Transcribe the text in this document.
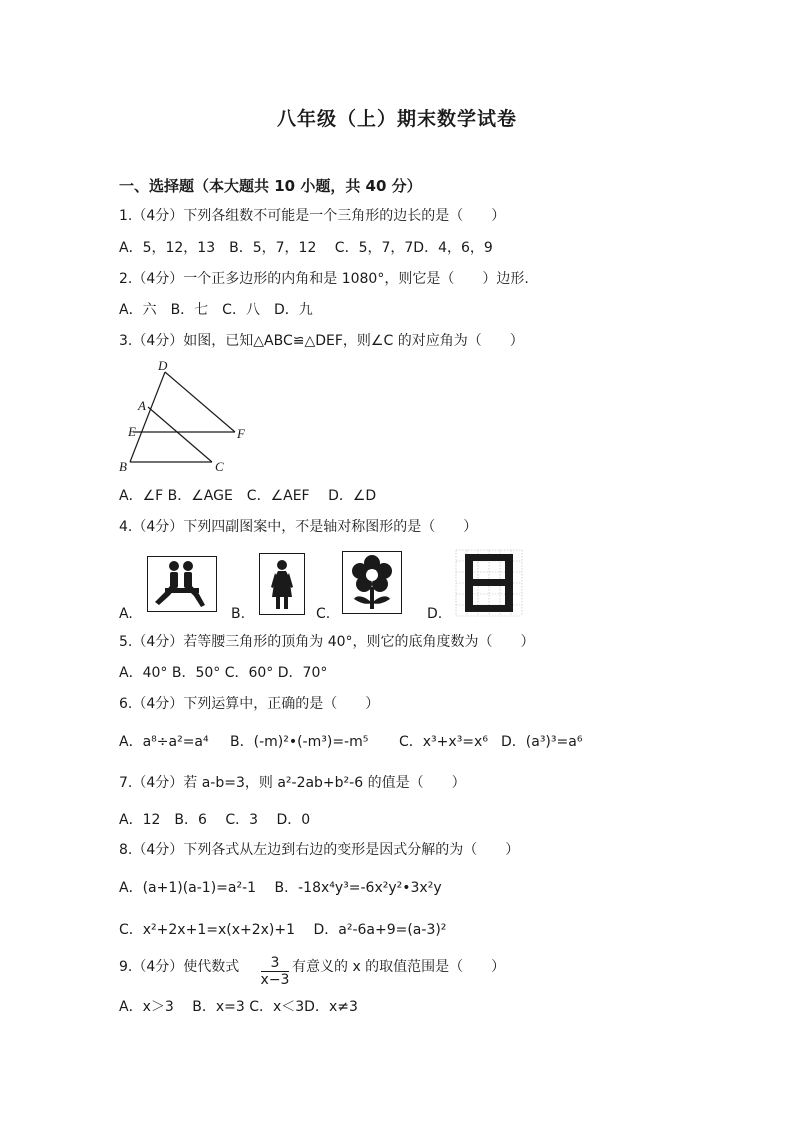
八年级（上）期末数学试卷
一、选择题（本大题共 10 小题，共 40 分）
1.（4分）下列各组数不可能是一个三角形的边长的是（　　）
A．5，12，13　B．5，7，12　 C．5，7，7D．4，6，9
2.（4分）一个正多边形的内角和是 1080°，则它是（　　）边形.
A．六　B．七　C．八　D．九
3.（4分）如图，已知△ABC≌△DEF，则∠C 的对应角为（　　）
D
A
E	F
B	C
A．∠F B．∠AGE　C．∠AEF　 D．∠D
4.（4分）下列四副图案中，不是轴对称图形的是（　　）
A.	B.	C.	D.
5.（4分）若等腰三角形的顶角为 40°，则它的底角度数为（　　）
A．40° B．50° C．60° D．70°
6.（4分）下列运算中，正确的是（　　）
A．a⁸÷a²=a⁴ B．(-m)²•(-m³)=-m⁵ C．x³+x³=x⁶ D．(a³)³=a⁶
7.（4分）若 a-b=3，则 a²-2ab+b²-6 的值是（　　）
A．12　B．6　 C．3　 D．0
8.（4分）下列各式从左边到右边的变形是因式分解的为（　　）
A．(a+1)(a-1)=a²-1　 B．-18x⁴y³=-6x²y²•3x²y
C．x²+2x+1=x(x+2x)+1　 D．a²-6a+9=(a-3)²
9.（4分）使代数式	3
x−3
有意义的 x 的取值范围是（　　）
A．x＞3　 B．x=3 C．x＜3D．x≠3
